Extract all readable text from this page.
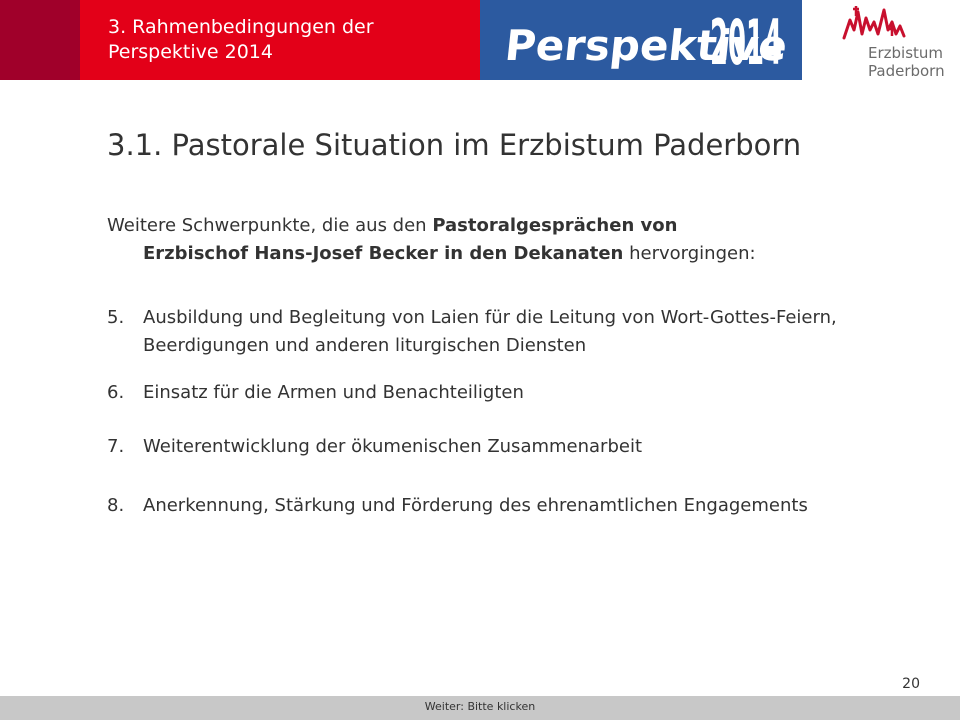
3. Rahmenbedingungen der Perspektive 2014	Perspektive
2014	Erzbistum
Paderborn
3.1. Pastorale Situation im Erzbistum Paderborn
Weitere Schwerpunkte, die aus den Pastoralgesprächen von
Erzbischof Hans-Josef Becker in den Dekanaten hervorgingen:
5. Ausbildung und Begleitung von Laien für die Leitung von Wort-Gottes-Feiern, Beerdigungen und anderen liturgischen Diensten
6. Einsatz für die Armen und Benachteiligten
7. Weiterentwicklung der ökumenischen Zusammenarbeit
8. Anerkennung, Stärkung und Förderung des ehrenamtlichen Engagements
20
Weiter: Bitte klicken
